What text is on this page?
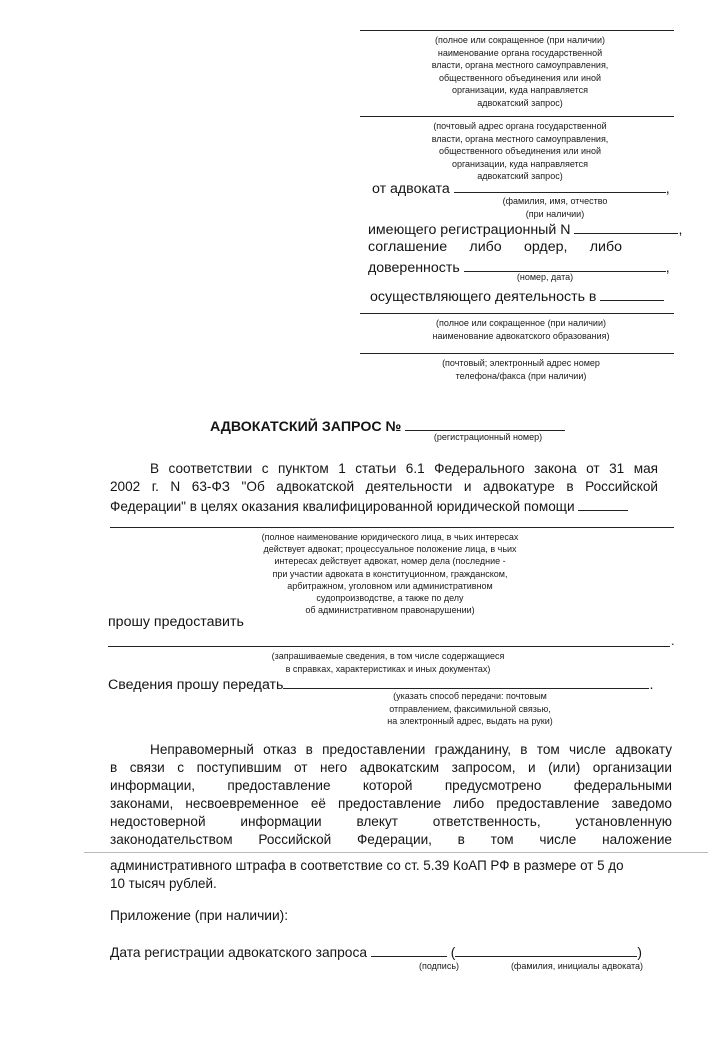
(полное или сокращенное (при наличии)
наименование органа государственной
власти, органа местного самоуправления,
общественного объединения или иной
организации, куда направляется
адвокатский запрос)
(почтовый адрес органа государственной
власти, органа местного самоуправления,
общественного объединения или иной
организации, куда направляется
адвокатский запрос)
от адвоката	,
(фамилия, имя, отчество
(при наличии)
имеющего регистрационный N	,
соглашение либо ордер, либо
доверенность	,
(номер, дата)
осуществляющего деятельность в
(полное или сокращенное (при наличии)
наименование адвокатского образования)
(почтовый; электронный адрес номер
телефона/факса (при наличии)
АДВОКАТСКИЙ ЗАПРОС №
(регистрационный номер)
В соответствии с пунктом 1 статьи 6.1 Федерального закона от 31 мая
2002 г. N 63-ФЗ "Об адвокатской деятельности и адвокатуре в Российской
Федерации" в целях оказания квалифицированной юридической помощи
(полное наименование юридического лица, в чьих интересах
действует адвокат; процессуальное положение лица, в чьих
интересах действует адвокат, номер дела (последние -
при участии адвоката в конституционном, гражданском,
арбитражном, уголовном или административном
судопроизводстве, а также по делу
об административном правонарушении)
прошу предоставить
.
(запрашиваемые сведения, в том числе содержащиеся
в справках, характеристиках и иных документах)
Сведения прошу передать	.
(указать способ передачи: почтовым
отправлением, факсимильной связью,
на электронный адрес, выдать на руки)
Неправомерный отказ в предоставлении гражданину, в том числе адвокату
в связи с поступившим от него адвокатским запросом, и (или) организации
информации, предоставление которой предусмотрено федеральными
законами, несвоевременное её предоставление либо предоставление заведомо
недостоверной информации влекут ответственность, установленную
законодательством Российской Федерации, в том числе наложение
административного штрафа в соответствие со ст. 5.39 КоАП РФ в размере от 5 до
10 тысяч рублей.
Приложение (при наличии):
Дата регистрации адвокатского запроса	(	)
(подпись)	(фамилия, инициалы адвоката)
